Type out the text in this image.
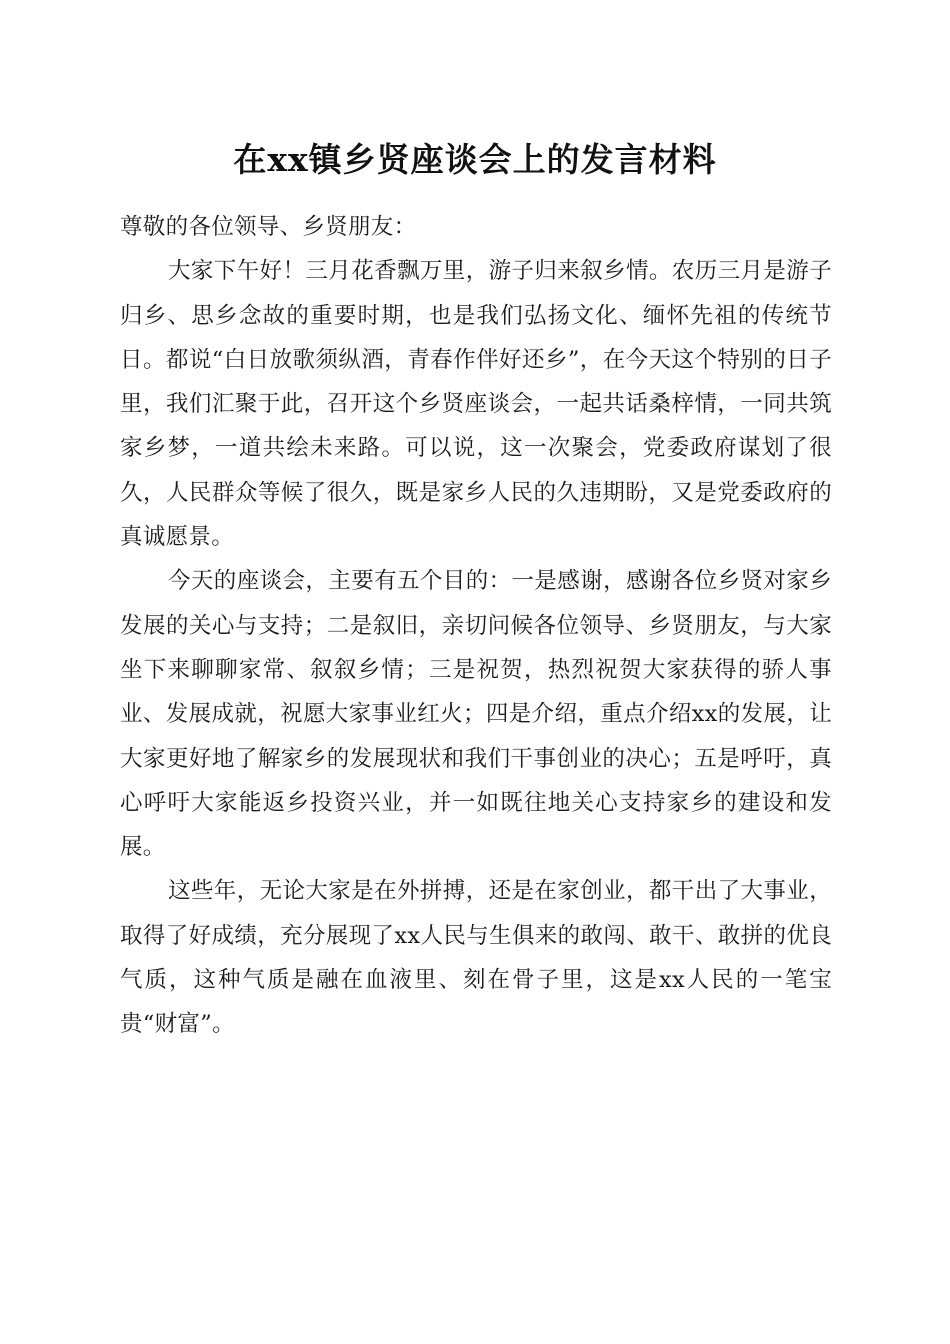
在xx镇乡贤座谈会上的发言材料

尊敬的各位领导、乡贤朋友：

大家下午好！三月花香飘万里，游子归来叙乡情。农历三月是游子归乡、思乡念故的重要时期，也是我们弘扬文化、缅怀先祖的传统节日。都说“白日放歌须纵酒，青春作伴好还乡”，在今天这个特别的日子里，我们汇聚于此，召开这个乡贤座谈会，一起共话桑梓情，一同共筑家乡梦，一道共绘未来路。可以说，这一次聚会，党委政府谋划了很久，人民群众等候了很久，既是家乡人民的久违期盼，又是党委政府的真诚愿景。

今天的座谈会，主要有五个目的：一是感谢，感谢各位乡贤对家乡发展的关心与支持；二是叙旧，亲切问候各位领导、乡贤朋友，与大家坐下来聊聊家常、叙叙乡情；三是祝贺，热烈祝贺大家获得的骄人事业、发展成就，祝愿大家事业红火；四是介绍，重点介绍xx的发展，让大家更好地了解家乡的发展现状和我们干事创业的决心；五是呼吁，真心呼吁大家能返乡投资兴业，并一如既往地关心支持家乡的建设和发展。

这些年，无论大家是在外拼搏，还是在家创业，都干出了大事业，取得了好成绩，充分展现了xx人民与生俱来的敢闯、敢干、敢拼的优良气质，这种气质是融在血液里、刻在骨子里，这是xx人民的一笔宝贵“财富”。
